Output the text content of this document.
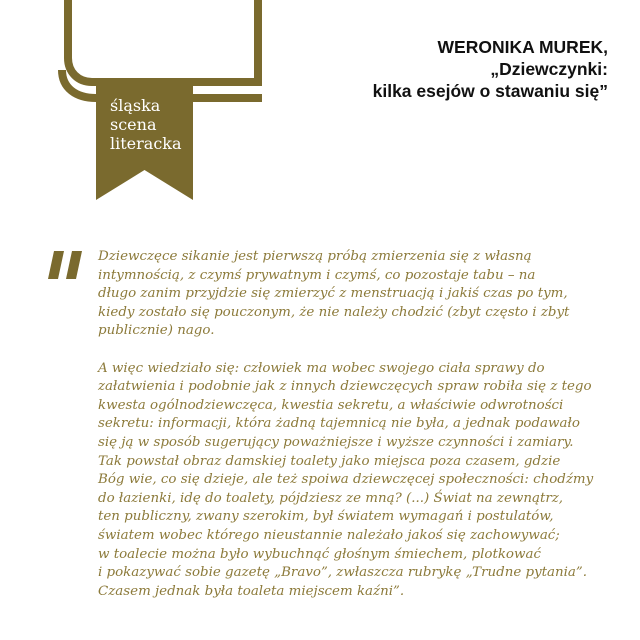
śląska
scena
literacka
WERONIKA MUREK,
„Dziewczynki:
kilka esejów o stawaniu się”
Dziewczęce sikanie jest pierwszą próbą zmierzenia się z własną
intymnością, z czymś prywatnym i czymś, co pozostaje tabu – na
długo zanim przyjdzie się zmierzyć z menstruacją i jakiś czas po tym,
kiedy zostało się pouczonym, że nie należy chodzić (zbyt często i zbyt
publicznie) nago.
A więc wiedziało się: człowiek ma wobec swojego ciała sprawy do
załatwienia i podobnie jak z innych dziewczęcych spraw robiła się z tego
kwesta ogólnodziewczęca, kwestia sekretu, a właściwie odwrotności
sekretu: informacji, która żadną tajemnicą nie była, a jednak podawało
się ją w sposób sugerujący poważniejsze i wyższe czynności i zamiary.
Tak powstał obraz damskiej toalety jako miejsca poza czasem, gdzie
Bóg wie, co się dzieje, ale też spoiwa dziewczęcej społeczności: chodźmy
do łazienki, idę do toalety, pójdziesz ze mną? (...) Świat na zewnątrz,
ten publiczny, zwany szerokim, był światem wymagań i postulatów,
światem wobec którego nieustannie należało jakoś się zachowywać;
w toalecie można było wybuchnąć głośnym śmiechem, plotkować
i pokazywać sobie gazetę „Bravo”, zwłaszcza rubrykę „Trudne pytania”.
Czasem jednak była toaleta miejscem kaźni”.
